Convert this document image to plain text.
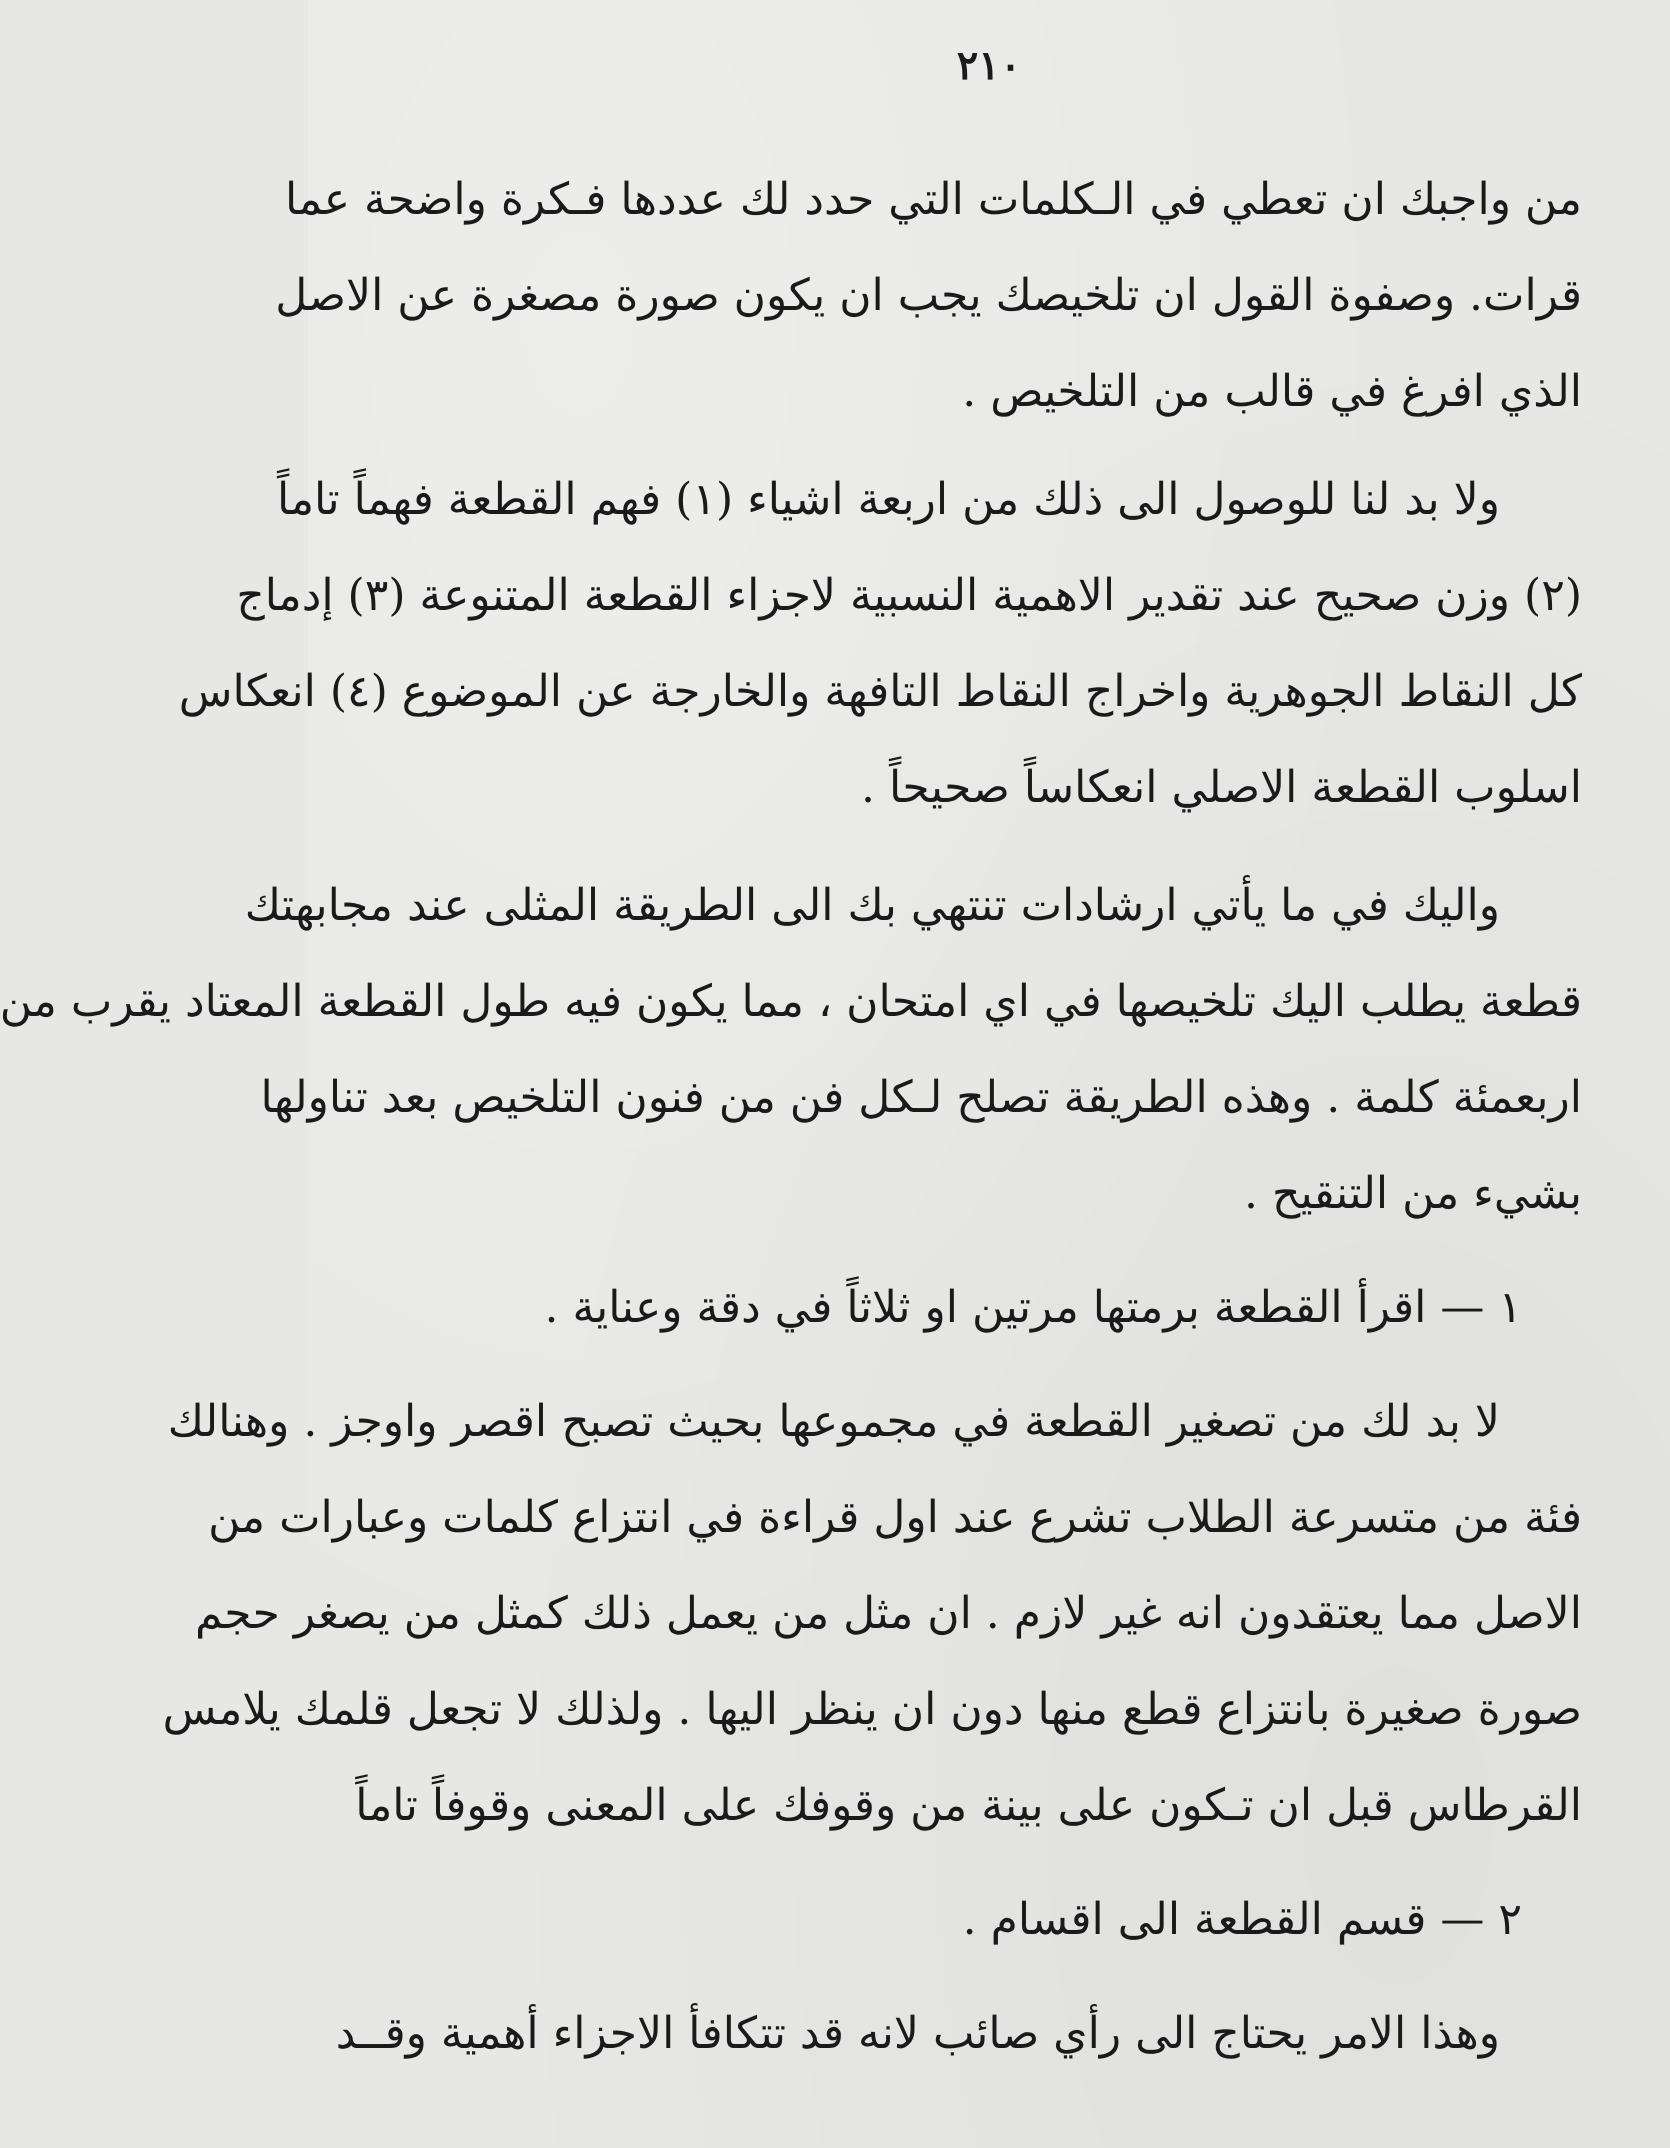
٢١٠
من واجبك ان تعطي في الـكلمات التي حدد لك عددها فـكرة واضحة عما
قرات. وصفوة القول ان تلخيصك يجب ان يكون صورة مصغرة عن الاصل
الذي افرغ في قالب من التلخيص .
ولا بد لنا للوصول الى ذلك من اربعة اشياء (١) فهم القطعة فهماً تاماً
(٢) وزن صحيح عند تقدير الاهمية النسبية لاجزاء القطعة المتنوعة (٣) إدماج
كل النقاط الجوهرية واخراج النقاط التافهة والخارجة عن الموضوع (٤) انعكاس
اسلوب القطعة الاصلي انعكاساً صحيحاً .
واليك في ما يأتي ارشادات تنتهي بك الى الطريقة المثلى عند مجابهتك
قطعة يطلب اليك تلخيصها في اي امتحان ، مما يكون فيه طول القطعة المعتاد يقرب من
اربعمئة كلمة . وهذه الطريقة تصلح لـكل فن من فنون التلخيص بعد تناولها
بشيء من التنقيح .
١ — اقرأ القطعة برمتها مرتين او ثلاثاً في دقة وعناية .
لا بد لك من تصغير القطعة في مجموعها بحيث تصبح اقصر واوجز . وهنالك
فئة من متسرعة الطلاب تشرع عند اول قراءة في انتزاع كلمات وعبارات من
الاصل مما يعتقدون انه غير لازم . ان مثل من يعمل ذلك كمثل من يصغر حجم
صورة صغيرة بانتزاع قطع منها دون ان ينظر اليها . ولذلك لا تجعل قلمك يلامس
القرطاس قبل ان تـكون على بينة من وقوفك على المعنى وقوفاً تاماً
٢ — قسم القطعة الى اقسام .
وهذا الامر يحتاج الى رأي صائب لانه قد تتكافأ الاجزاء أهمية وقــد
